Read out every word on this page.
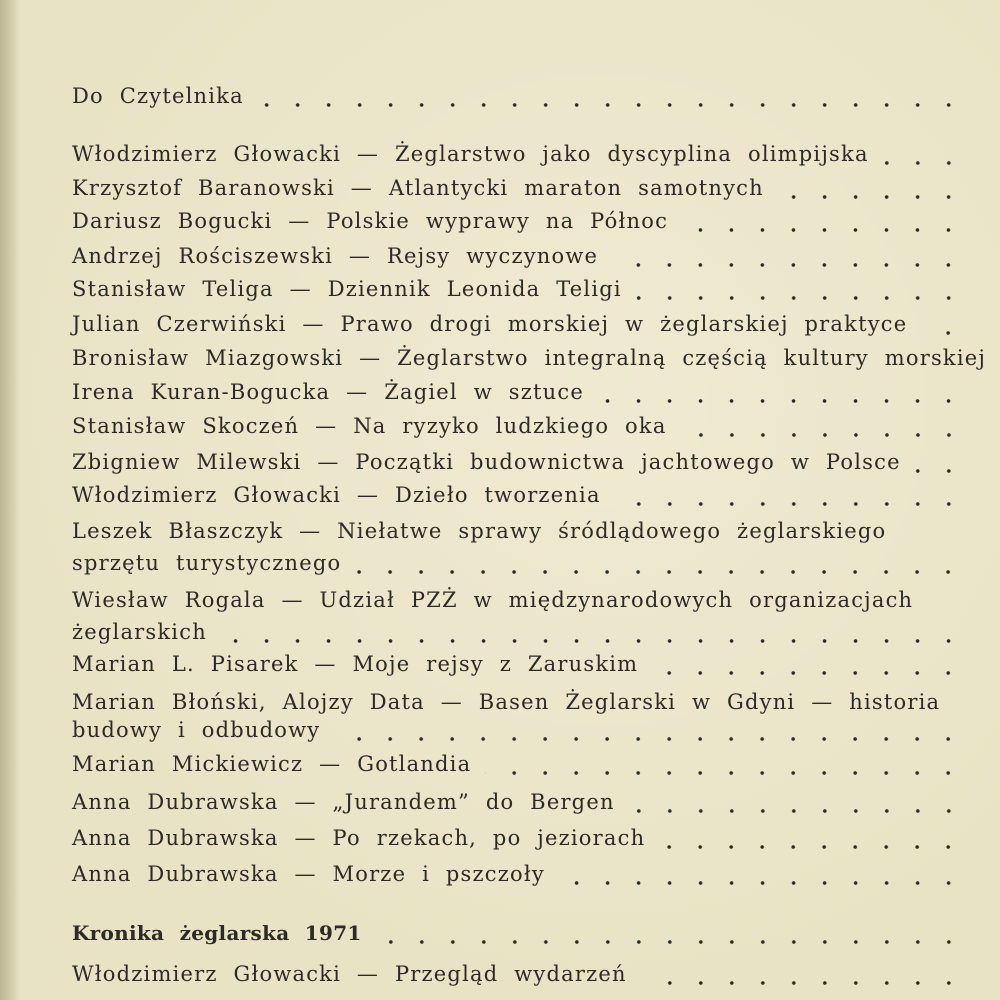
Do Czytelnika
Włodzimierz Głowacki — Żeglarstwo jako dyscyplina olimpijska
Krzysztof Baranowski — Atlantycki maraton samotnych
Dariusz Bogucki — Polskie wyprawy na Północ
Andrzej Rościszewski — Rejsy wyczynowe
Stanisław Teliga — Dziennik Leonida Teligi
Julian Czerwiński — Prawo drogi morskiej w żeglarskiej praktyce
Bronisław Miazgowski — Żeglarstwo integralną częścią kultury morskiej
Irena Kuran-Bogucka — Żagiel w sztuce
Stanisław Skoczeń — Na ryzyko ludzkiego oka
Zbigniew Milewski — Początki budownictwa jachtowego w Polsce
Włodzimierz Głowacki — Dzieło tworzenia
Leszek Błaszczyk — Niełatwe sprawy śródlądowego żeglarskiego
sprzętu turystycznego
Wiesław Rogala — Udział PZŻ w międzynarodowych organizacjach
żeglarskich
Marian L. Pisarek — Moje rejsy z Zaruskim
Marian Błoński, Alojzy Data — Basen Żeglarski w Gdyni — historia
budowy i odbudowy
Marian Mickiewicz — Gotlandia
Anna Dubrawska — „Jurandem” do Bergen
Anna Dubrawska — Po rzekach, po jeziorach
Anna Dubrawska — Morze i pszczoły
Kronika żeglarska 1971
Włodzimierz Głowacki — Przegląd wydarzeń
